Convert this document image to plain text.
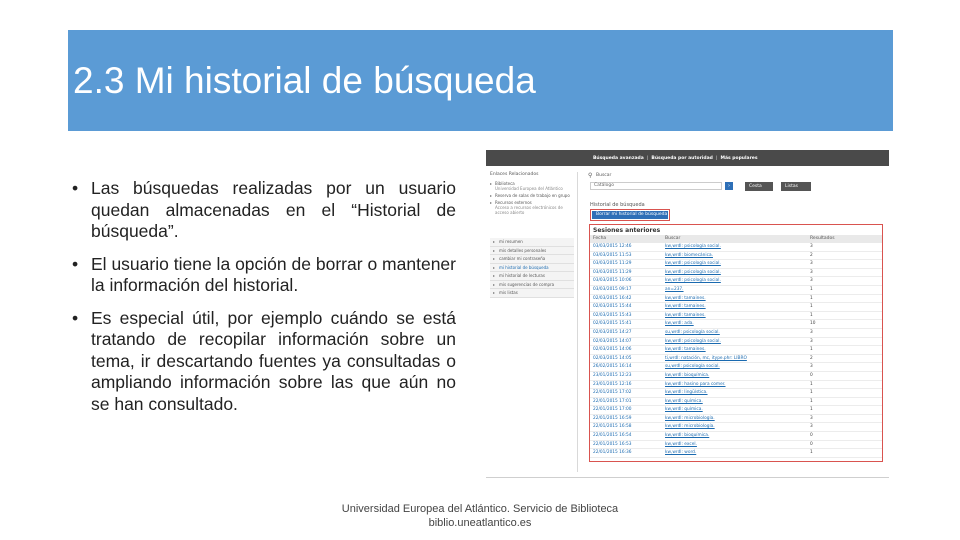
2.3 Mi historial de búsqueda
• Las búsquedas realizadas por un usuario quedan almacenadas en el “Historial de búsqueda”.
• El usuario tiene la opción de borrar o mantener la información del historial.
• Es especial útil, por ejemplo cuándo se está tratando de recopilar información sobre un tema, ir descartando fuentes ya consultadas o ampliando información sobre las que aún no se han consultado.
Búsqueda avanzada | Búsqueda por autoridad | Más populares
Enlaces Relacionados
▸ Biblioteca
Universidad Europea del Atlántico
▸ Reserva de salas de trabajo en grupo
▸ Recursos externos
Acceso a recursos electrónicos de acceso abierto
▸ mi resumen
▸ mis detalles personales
▸ cambiar mi contraseña
▸ mi historial de búsqueda
▸ mi historial de lecturas
▸ mis sugerencias de compra
▸ mis listas
⚲ Buscar
Catálogo	›	Cesta	Listas
Historial de búsqueda
Borrar mi historial de búsqueda
Sesiones anteriores
Fecha	Buscar	Resultados
03/03/2015 12:46	kw,wrdl: psicología social.	3
03/03/2015 11:53	kw,wrdl: biomecánica.	2
03/03/2015 11:29	kw,wrdl: psicología social.	3
03/03/2015 11:29	kw,wrdl: psicología social.	3
03/03/2015 10:06	kw,wrdl: psicología social.	3
03/03/2015 09:17	an=237.	1
02/03/2015 16:42	kw,wrdl: tamaines.	1
02/03/2015 15:44	kw,wrdl: tamaines.	1
02/03/2015 15:43	kw,wrdl: tamaines.	1
02/03/2015 15:41	kw,wrdl: ada.	10
02/03/2015 14:27	su,wrdl: psicología social.	3
02/03/2015 14:07	kw,wrdl: psicología social.	3
02/03/2015 14:06	kw,wrdl: tamaines.	1
02/03/2015 14:05	ti,wrdl: natación, mc, itype.phr: LIBRO	2
26/02/2015 16:14	su,wrdl: psicología social.	3
23/01/2015 12:23	kw,wrdl: bioquímica.	0
23/01/2015 12:16	kw,wrdl: hasino para comer.	1
22/01/2015 17:02	kw,wrdl: lingüística.	1
22/01/2015 17:01	kw,wrdl: química.	1
22/01/2015 17:00	kw,wrdl: química.	1
22/01/2015 16:59	kw,wrdl: microbiología.	3
22/01/2015 16:58	kw,wrdl: microbiología.	3
22/01/2015 16:54	kw,wrdl: bioquímica.	0
22/01/2015 16:53	kw,wrdl: excel.	0
22/01/2015 16:36	kw,wrdl: word.	1
Universidad Europea del Atlántico. Servicio de Biblioteca
biblio.uneatlantico.es
